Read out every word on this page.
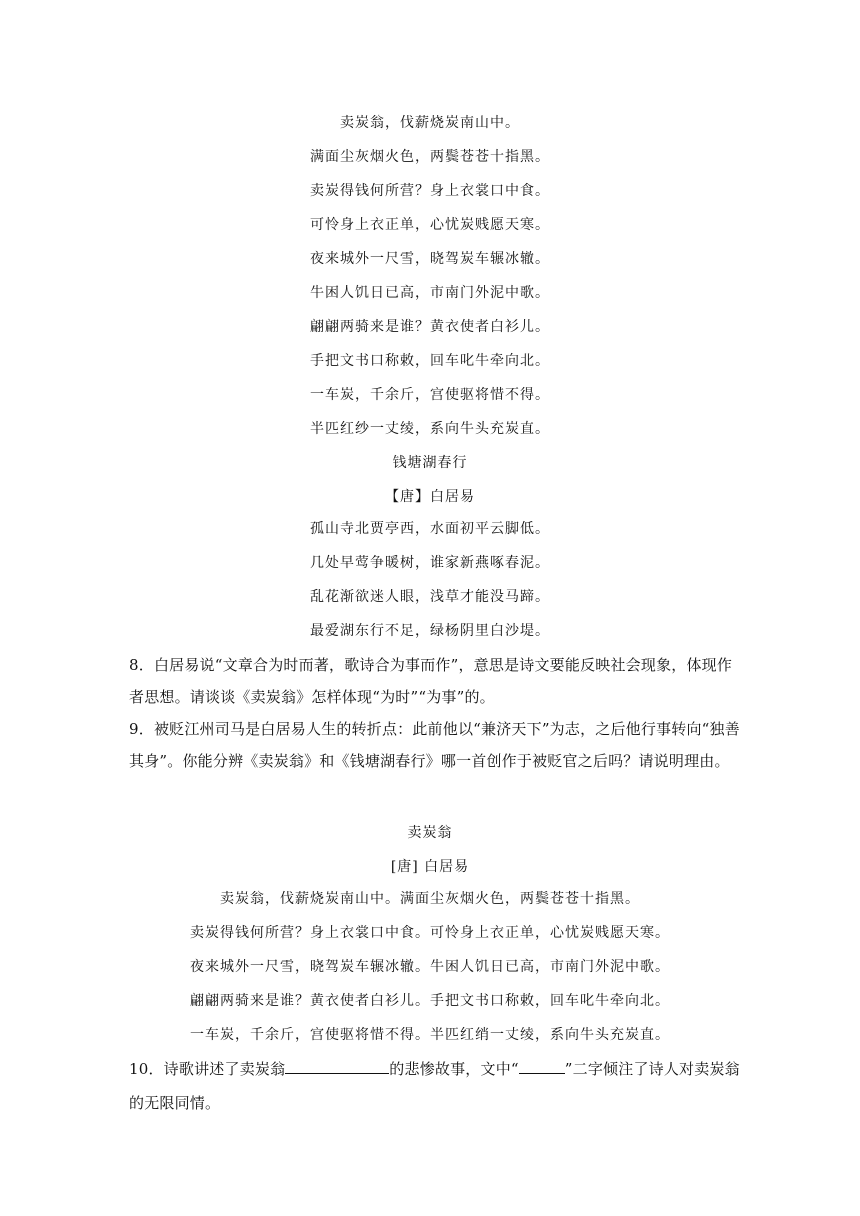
卖炭翁，伐薪烧炭南山中。
满面尘灰烟火色，两鬓苍苍十指黑。
卖炭得钱何所营？身上衣裳口中食。
可怜身上衣正单，心忧炭贱愿天寒。
夜来城外一尺雪，晓驾炭车辗冰辙。
牛困人饥日已高，市南门外泥中歌。
翩翩两骑来是谁？黄衣使者白衫儿。
手把文书口称敕，回车叱牛牵向北。
一车炭，千余斤，宫使驱将惜不得。
半匹红纱一丈绫，系向牛头充炭直。
钱塘湖春行
【唐】白居易
孤山寺北贾亭西，水面初平云脚低。
几处早莺争暖树，谁家新燕啄春泥。
乱花渐欲迷人眼，浅草才能没马蹄。
最爱湖东行不足，绿杨阴里白沙堤。
8．白居易说“文章合为时而著，歌诗合为事而作”，意思是诗文要能反映社会现象，体现作
者思想。请谈谈《卖炭翁》怎样体现“为时”“为事”的。
9．被贬江州司马是白居易人生的转折点：此前他以“兼济天下”为志，之后他行事转向“独善
其身”。你能分辨《卖炭翁》和《钱塘湖春行》哪一首创作于被贬官之后吗？请说明理由。
卖炭翁
[唐] 白居易
卖炭翁，伐薪烧炭南山中。满面尘灰烟火色，两鬓苍苍十指黑。
卖炭得钱何所营？身上衣裳口中食。可怜身上衣正单，心忧炭贱愿天寒。
夜来城外一尺雪，晓驾炭车辗冰辙。牛困人饥日已高，市南门外泥中歌。
翩翩两骑来是谁？黄衣使者白衫儿。手把文书口称敕，回车叱牛牵向北。
一车炭，千余斤，宫使驱将惜不得。半匹红绡一丈绫，系向牛头充炭直。
10．诗歌讲述了卖炭翁	的悲惨故事，文中“	”二字倾注了诗人对卖炭翁
的无限同情。
